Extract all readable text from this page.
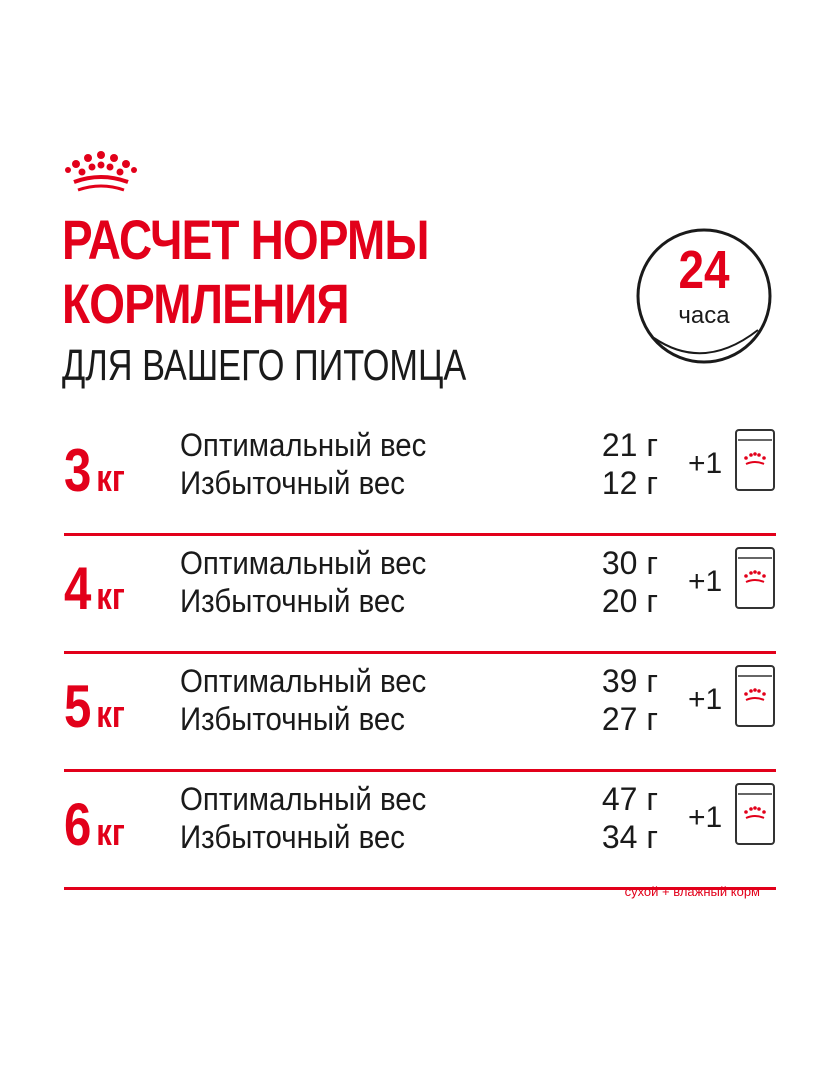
РАСЧЕТ НОРМЫ
КОРМЛЕНИЯ
ДЛЯ ВАШЕГО ПИТОМЦА
24
часа
3 кг
Оптимальный вес
Избыточный вес
21 г
12 г
+1
4 кг
Оптимальный вес
Избыточный вес
30 г
20 г
+1
5 кг
Оптимальный вес
Избыточный вес
39 г
27 г
+1
6 кг
Оптимальный вес
Избыточный вес
47 г
34 г
+1
сухой + влажный корм
